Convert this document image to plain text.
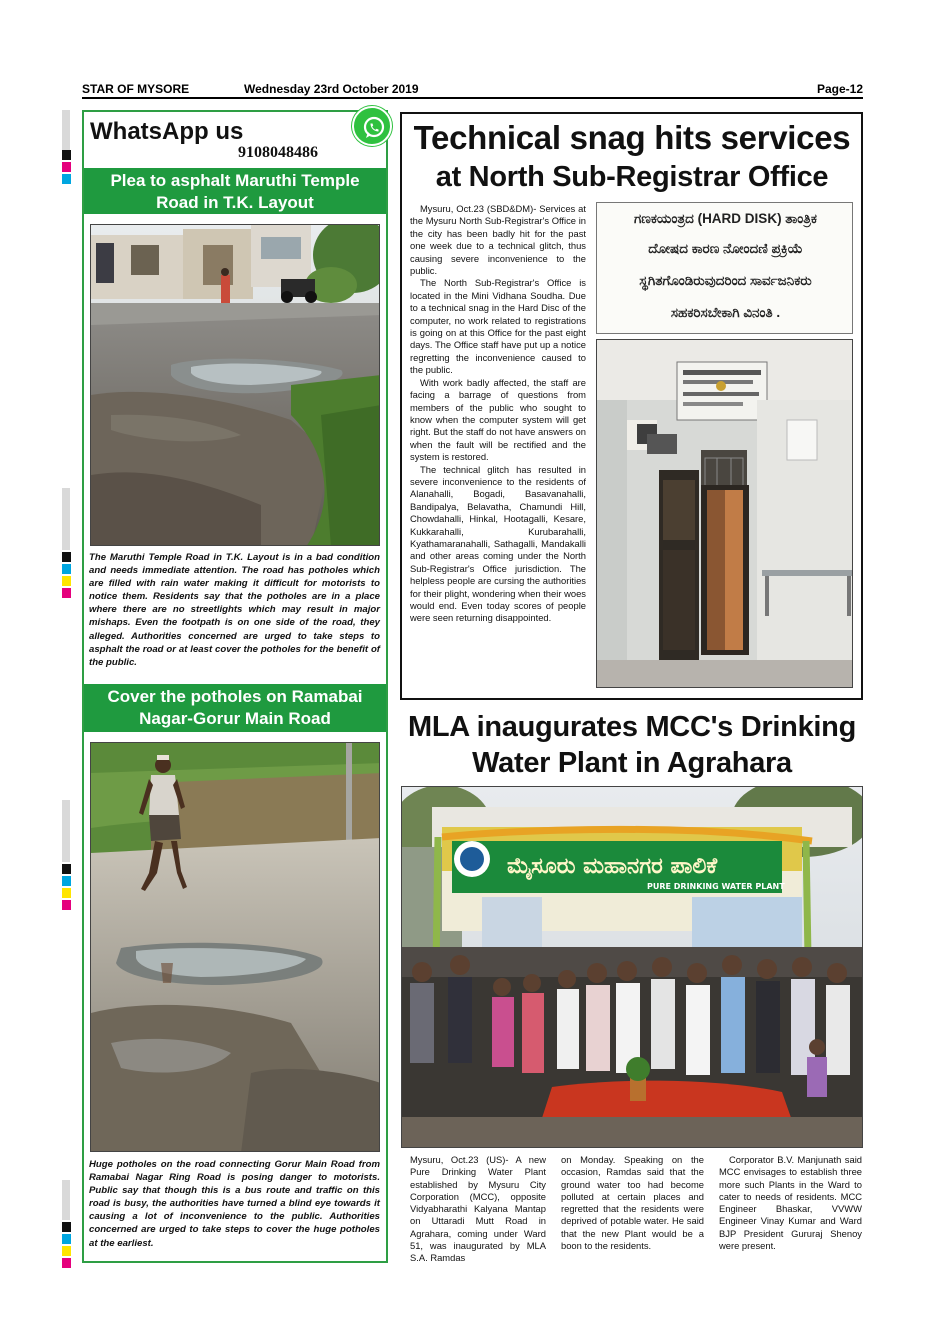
STAR OF MYSORE	Wednesday 23rd October 2019	Page-12
WhatsApp us
9108048486
Plea to asphalt Maruthi Temple
Road in T.K. Layout
The Maruthi Temple Road in T.K. Layout is in a bad condition and needs immediate attention. The road has potholes which are filled with rain water making it difficult for motorists to notice them. Residents say that the potholes are in a place where there are no streetlights which may result in major mishaps. Even the footpath is on one side of the road, they alleged. Authorities concerned are urged to take steps to asphalt the road or at least cover the potholes for the benefit of the public.
Cover the potholes on Ramabai
Nagar-Gorur Main Road
Huge potholes on the road connecting Gorur Main Road from Ramabai Nagar Ring Road is posing danger to motorists. Public say that though this is a bus route and traffic on this road is busy, the authorities have turned a blind eye towards it causing a lot of inconvenience to the public. Authorities concerned are urged to take steps to cover the huge potholes at the earliest.
Technical snag hits services
at North Sub-Registrar Office

Mysuru, Oct.23 (SBD&DM)- Services at the Mysuru North Sub-Registrar's Office in the city has been badly hit for the past one week due to a technical glitch, thus causing severe inconvenience to the public.

The North Sub-Registrar's Office is located in the Mini Vidhana Soudha. Due to a technical snag in the Hard Disc of the computer, no work related to registrations is going on at this Office for the past eight days. The Office staff have put up a notice regretting the inconvenience caused to the public.

With work badly affected, the staff are facing a barrage of questions from members of the public who sought to know when the computer system will get right. But the staff do not have answers on when the fault will be rectified and the system is restored.

The technical glitch has resulted in severe inconvenience to the residents of Alanahalli, Bogadi, Basavanahalli, Bandipalya, Belavatha, Chamundi Hill, Chowdahalli, Hinkal, Hootagalli, Kesare, Kukkarahalli, Kurubarahalli, Kyathamaranahalli, Sathagalli, Mandakalli and other areas coming under the North Sub-Registrar's Office jurisdiction. The helpless people are cursing the authorities for their plight, wondering when their woes would end. Even today scores of people were seen returning disappointed.

ಗಣಕಯಂತ್ರದ (HARD DISK) ತಾಂತ್ರಿಕ
ದೋಷದ ಕಾರಣ ನೋಂದಣಿ ಪ್ರಕ್ರಿಯೆ
ಸ್ಥಗಿತಗೊಂಡಿರುವುದರಿಂದ ಸಾರ್ವಜನಿಕರು
ಸಹಕರಿಸಬೇಕಾಗಿ ವಿನಂತಿ .
MLA inaugurates MCC's Drinking
Water Plant in Agrahara
ಮೈಸೂರು ಮಹಾನಗರ ಪಾಲಿಕೆ
PURE DRINKING WATER PLANT
Mysuru, Oct.23 (US)- A new Pure Drinking Water Plant established by Mysuru City Corporation (MCC), opposite Vidyabharathi Kalyana Mantap on Uttaradi Mutt Road in Agrahara, coming under Ward 51, was inaugurated by MLA S.A. Ramdas
on Monday. Speaking on the occasion, Ramdas said that the ground water too had become polluted at certain places and regretted that the residents were deprived of potable water. He said that the new Plant would be a boon to the residents.
Corporator B.V. Manjunath said MCC envisages to establish three more such Plants in the Ward to cater to needs of residents. MCC Engineer Bhaskar, VVWW Engineer Vinay Kumar and Ward BJP President Gururaj Shenoy were present.
